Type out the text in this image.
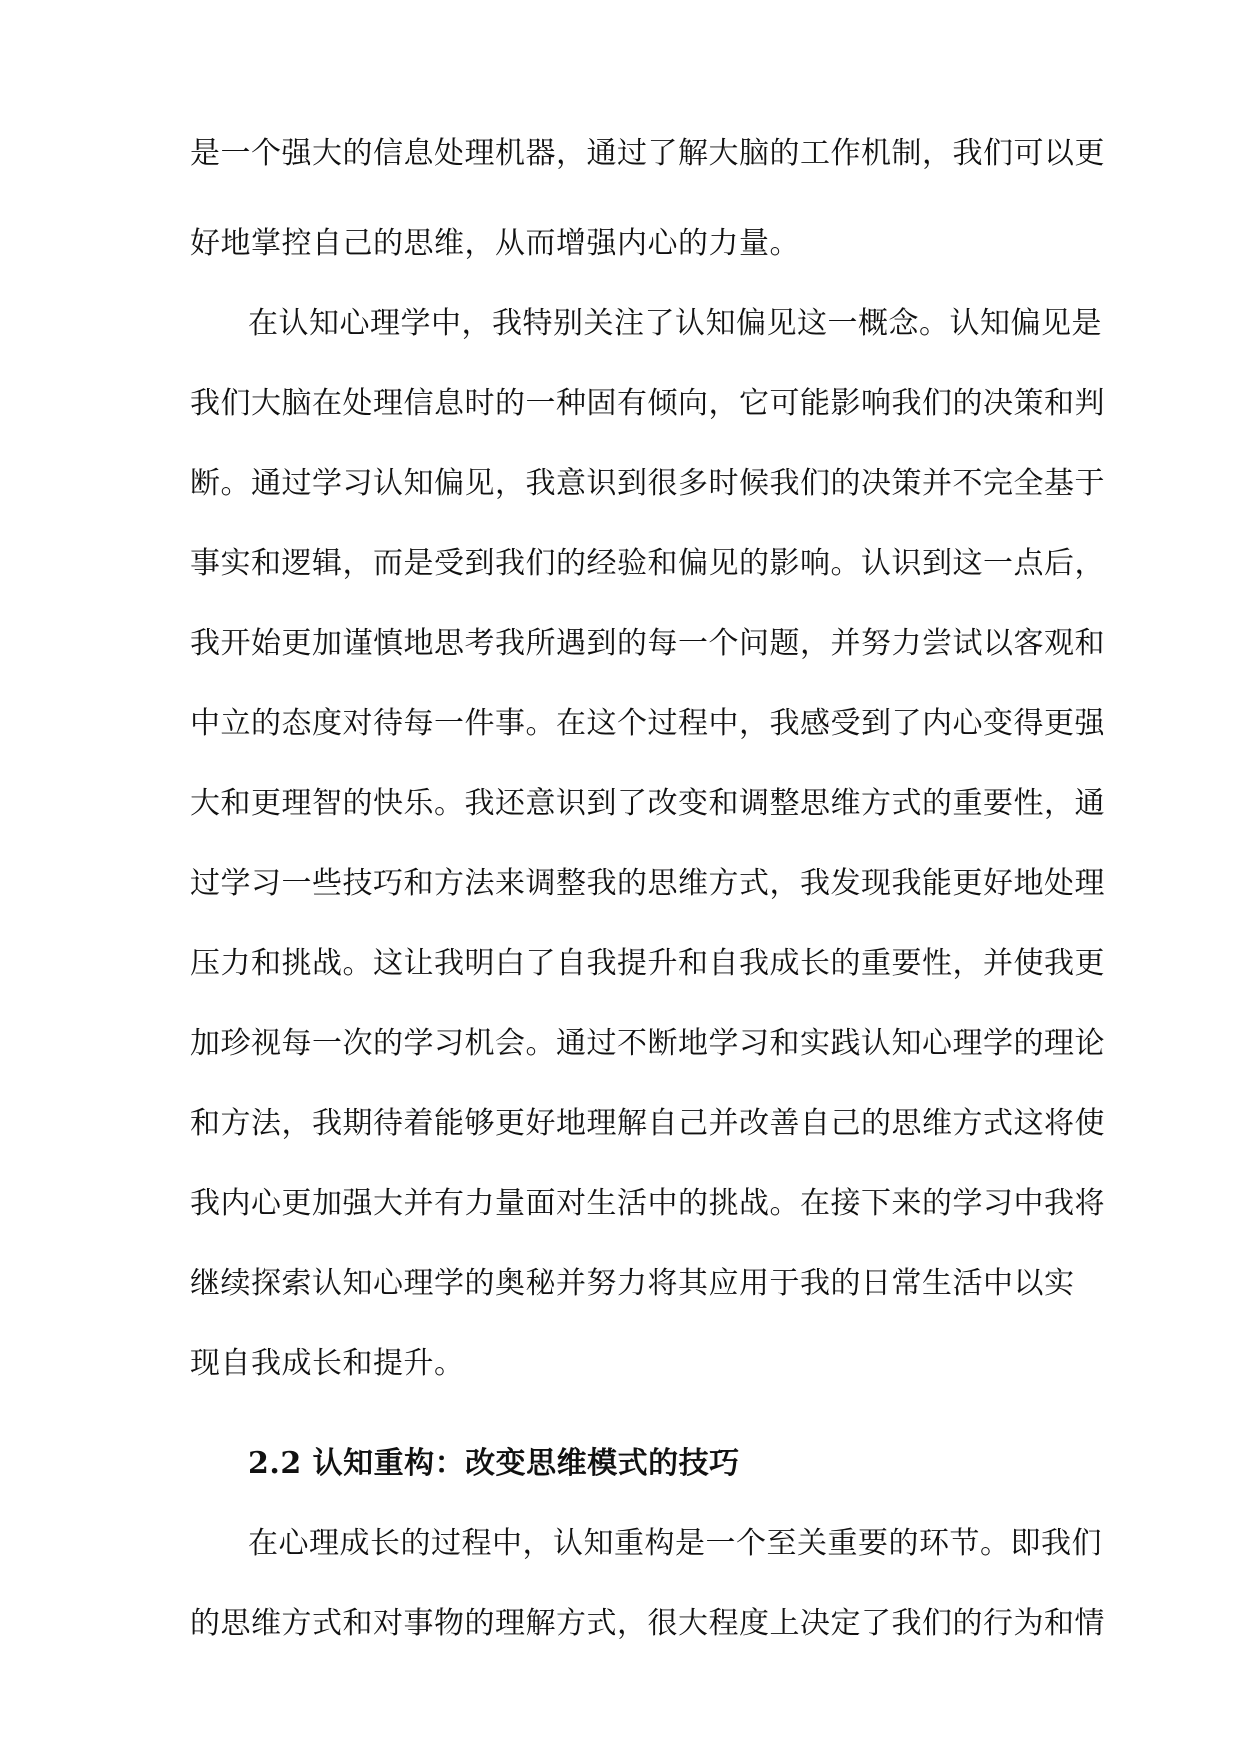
是一个强大的信息处理机器，通过了解大脑的工作机制，我们可以更
好地掌控自己的思维，从而增强内心的力量。
在认知心理学中，我特别关注了认知偏见这一概念。认知偏见是
我们大脑在处理信息时的一种固有倾向，它可能影响我们的决策和判
断。通过学习认知偏见，我意识到很多时候我们的决策并不完全基于
事实和逻辑，而是受到我们的经验和偏见的影响。认识到这一点后，
我开始更加谨慎地思考我所遇到的每一个问题，并努力尝试以客观和
中立的态度对待每一件事。在这个过程中，我感受到了内心变得更强
大和更理智的快乐。我还意识到了改变和调整思维方式的重要性，通
过学习一些技巧和方法来调整我的思维方式，我发现我能更好地处理
压力和挑战。这让我明白了自我提升和自我成长的重要性，并使我更
加珍视每一次的学习机会。通过不断地学习和实践认知心理学的理论
和方法，我期待着能够更好地理解自己并改善自己的思维方式这将使
我内心更加强大并有力量面对生活中的挑战。在接下来的学习中我将
继续探索认知心理学的奥秘并努力将其应用于我的日常生活中以实
现自我成长和提升。
2.2 认知重构：改变思维模式的技巧
在心理成长的过程中，认知重构是一个至关重要的环节。即我们
的思维方式和对事物的理解方式，很大程度上决定了我们的行为和情
